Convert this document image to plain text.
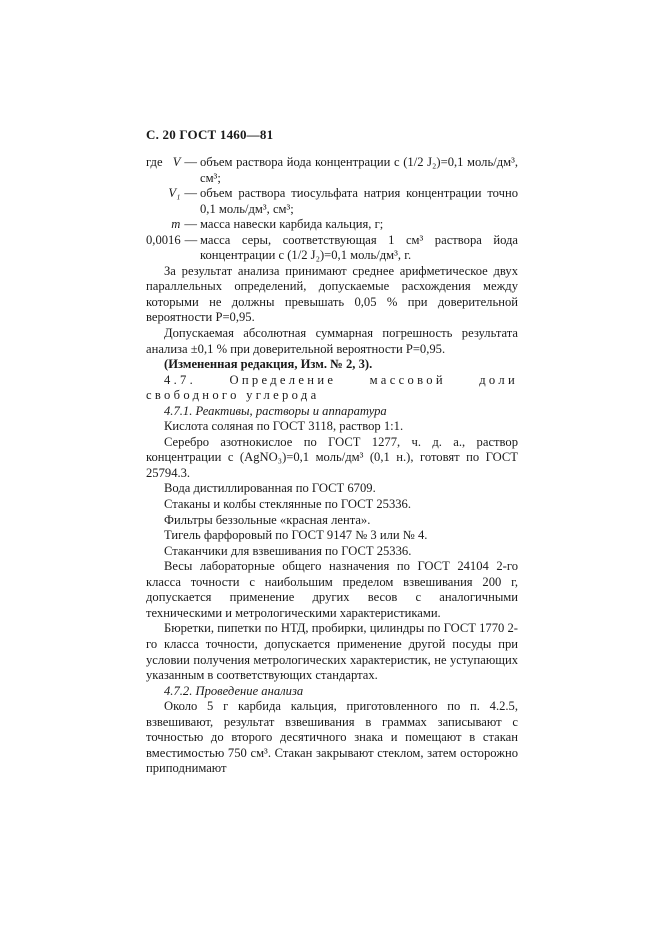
С. 20 ГОСТ 1460—81
где	V —	объем раствора йода концентрации c (1/2 J₂)=0,1 моль/дм³, см³;

	V₁ —	объем раствора тиосульфата натрия концентрации точно 0,1 моль/дм³, см³;

	m —	масса навески карбида кальция, г;
0,0016 —		масса серы, соответствующая 1 см³ раствора йода концентрации c (1/2 J₂)=0,1 моль/дм³, г.

За результат анализа принимают среднее арифметическое двух параллельных определений, допускаемые расхождения между которыми не должны превышать 0,05 % при доверительной вероятности P=0,95.

Допускаемая абсолютная суммарная погрешность результата анализа ±0,1 % при доверительной вероятности P=0,95.

(Измененная редакция, Изм. № 2, 3).

4.7. Определение массовой доли свободного углерода

4.7.1. Реактивы, растворы и аппаратура

Кислота соляная по ГОСТ 3118, раствор 1:1.

Серебро азотнокислое по ГОСТ 1277, ч. д. а., раствор концентрации c (AgNO₃)=0,1 моль/дм³ (0,1 н.), готовят по ГОСТ 25794.3.

Вода дистиллированная по ГОСТ 6709.

Стаканы и колбы стеклянные по ГОСТ 25336.

Фильтры беззольные «красная лента».

Тигель фарфоровый по ГОСТ 9147 № 3 или № 4.

Стаканчики для взвешивания по ГОСТ 25336.

Весы лабораторные общего назначения по ГОСТ 24104 2-го класса точности с наибольшим пределом взвешивания 200 г, допускается применение других весов с аналогичными техническими и метрологическими характеристиками.

Бюретки, пипетки по НТД, пробирки, цилиндры по ГОСТ 1770 2-го класса точности, допускается применение другой посуды при условии получения метрологических характеристик, не уступающих указанным в соответствующих стандартах.

4.7.2. Проведение анализа

Около 5 г карбида кальция, приготовленного по п. 4.2.5, взвешивают, результат взвешивания в граммах записывают с точностью до второго десятичного знака и помещают в стакан вместимостью 750 см³. Стакан закрывают стеклом, затем осторожно приподнимают
